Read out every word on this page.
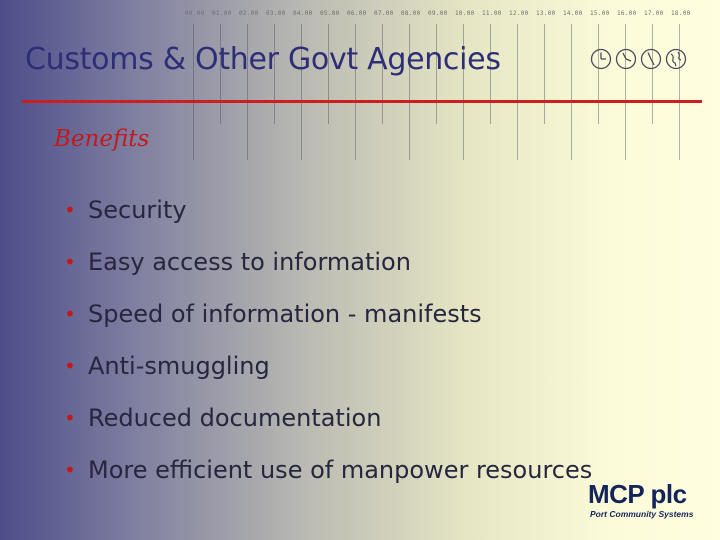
00.00 01.00 02.00 03.00 04.00 05.00 06.00 07.00 08.00 09.00 10.00 11.00 12.00 13.00 14.00 15.00 16.00 17.00 18.00
Customs & Other Govt Agencies
Benefits
• Security
• Easy access to information
• Speed of information - manifests
• Anti-smuggling
• Reduced documentation
• More efficient use of manpower resources
MCP plc
Port Community Systems
